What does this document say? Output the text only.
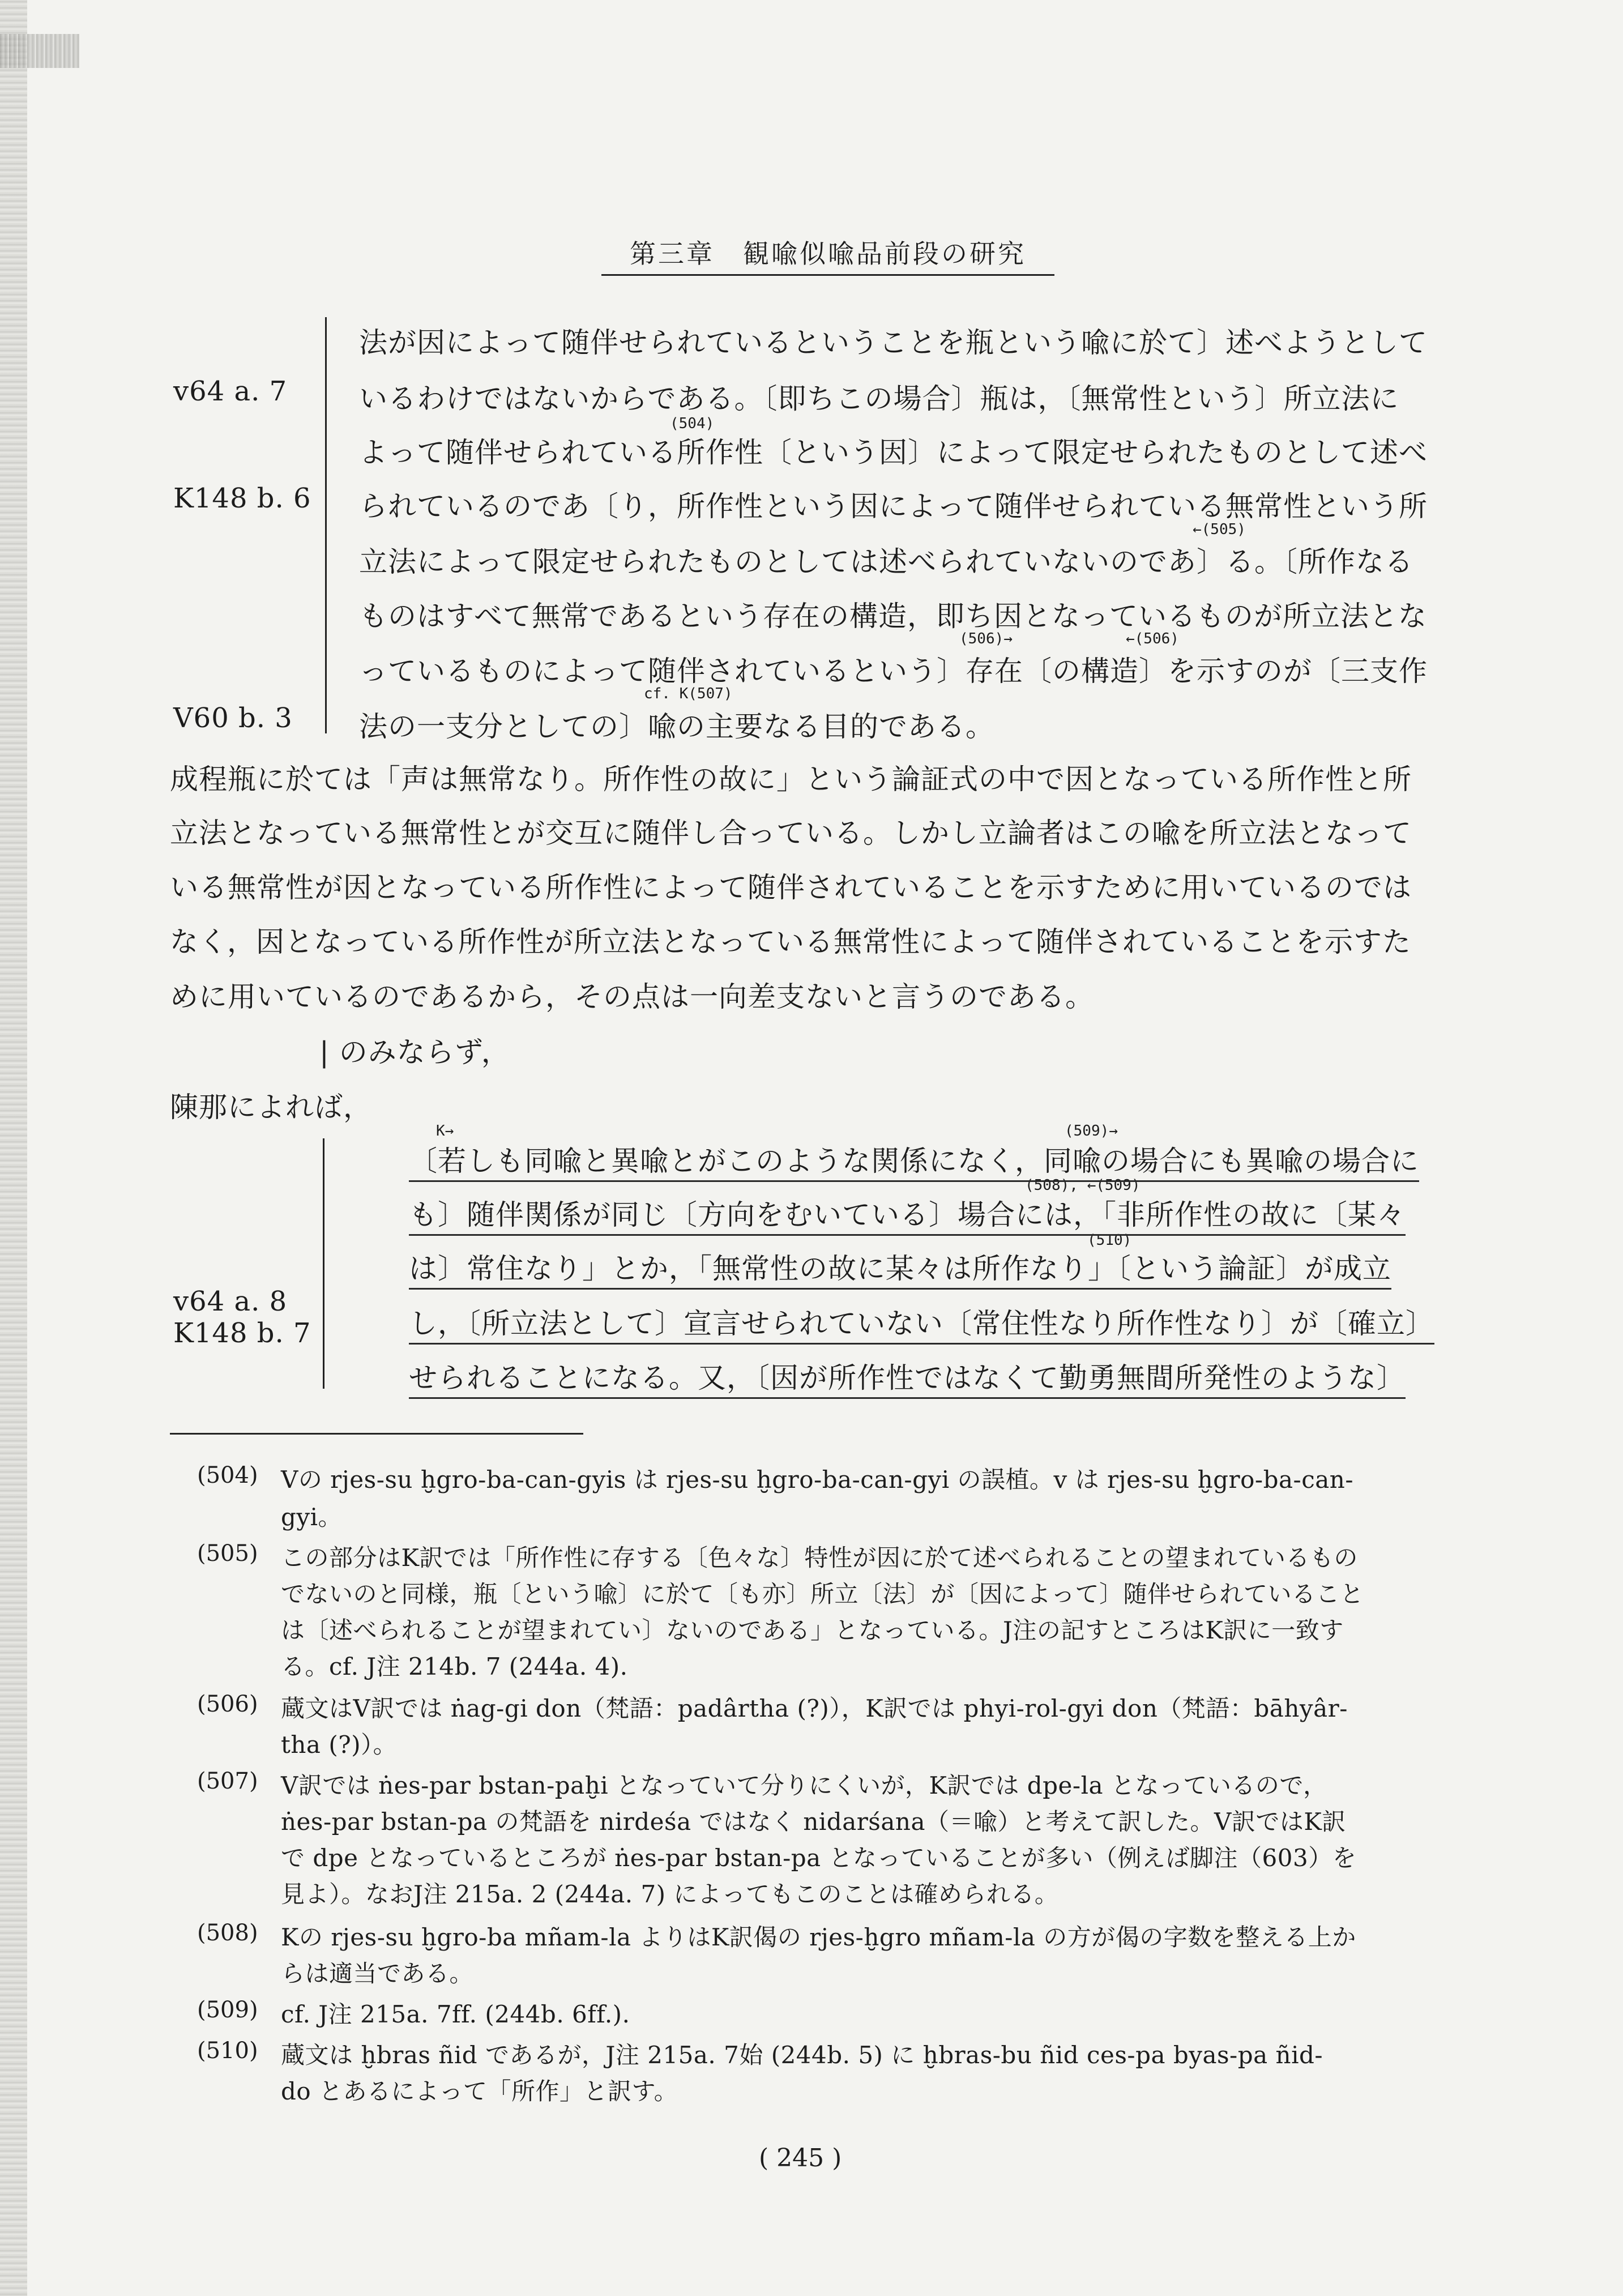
第三章　観喩似喩品前段の研究
v64 a. 7
K148 b. 6
V60 b. 3
v64 a. 8
K148 b. 7
法が因によって随伴せられているということを瓶という喩に於て〕述べようとして
いるわけではないからである。〔即ちこの場合〕瓶は，〔無常性という〕所立法に
よって随伴せられている所作性〔という因〕によって限定せられたものとして述べ
られているのであ〔り，所作性という因によって随伴せられている無常性という所
立法によって限定せられたものとしては述べられていないのであ〕る。〔所作なる
ものはすべて無常であるという存在の構造，即ち因となっているものが所立法とな
っているものによって随伴されているという〕存在〔の構造〕を示すのが〔三支作
法の一支分としての〕喩の主要なる目的である。
(504)
←(505)
(506)→	←(506)
cf. K(507)
成程瓶に於ては「声は無常なり。所作性の故に」という論証式の中で因となっている所作性と所
立法となっている無常性とが交互に随伴し合っている。しかし立論者はこの喩を所立法となって
いる無常性が因となっている所作性によって随伴されていることを示すために用いているのでは
なく，因となっている所作性が所立法となっている無常性によって随伴されていることを示すた
めに用いているのであるから，その点は一向差支ないと言うのである。
| のみならず，
陳那によれば，
K→	(509)→
(508), ←(509)
(510)
〔若しも同喩と異喩とがこのような関係になく，同喩の場合にも異喩の場合に
も〕随伴関係が同じ〔方向をむいている〕場合には，「非所作性の故に〔某々
は〕常住なり」とか，「無常性の故に某々は所作なり」〔という論証〕が成立
し，〔所立法として〕宣言せられていない〔常住性なり所作性なり〕が〔確立〕
せられることになる。又，〔因が所作性ではなくて勤勇無間所発性のような〕
(504) Vの rjes-su ḫgro-ba-can-gyis は rjes-su ḫgro-ba-can-gyi の誤植。v は rjes-su ḫgro-ba-can-
gyi。
(505) この部分はK訳では「所作性に存する〔色々な〕特性が因に於て述べられることの望まれているもの
でないのと同様，瓶〔という喩〕に於て〔も亦〕所立〔法〕が〔因によって〕随伴せられていること
は〔述べられることが望まれてい〕ないのである」となっている。J注の記すところはK訳に一致す
る。cf. J注 214b. 7 (244a. 4).
(506) 蔵文はV訳では ṅag-gi don（梵語：padârtha (?)），K訳では phyi-rol-gyi don（梵語：bāhyâr-
tha (?)）。
(507) V訳では ṅes-par bstan-paḫi となっていて分りにくいが，K訳では dpe-la となっているので，
ṅes-par bstan-pa の梵語を nirdeśa ではなく nidarśana（＝喩）と考えて訳した。V訳ではK訳
で dpe となっているところが ṅes-par bstan-pa となっていることが多い（例えば脚注（603）を
見よ）。なおJ注 215a. 2 (244a. 7) によってもこのことは確められる。
(508) Kの rjes-su ḫgro-ba mñam-la よりはK訳偈の rjes-ḫgro mñam-la の方が偈の字数を整える上か
らは適当である。
(509) cf. J注 215a. 7ff. (244b. 6ff.).
(510) 蔵文は ḫbras ñid であるが，J注 215a. 7始 (244b. 5) に ḫbras-bu ñid ces-pa byas-pa ñid-
do とあるによって「所作」と訳す。
( 245 )
